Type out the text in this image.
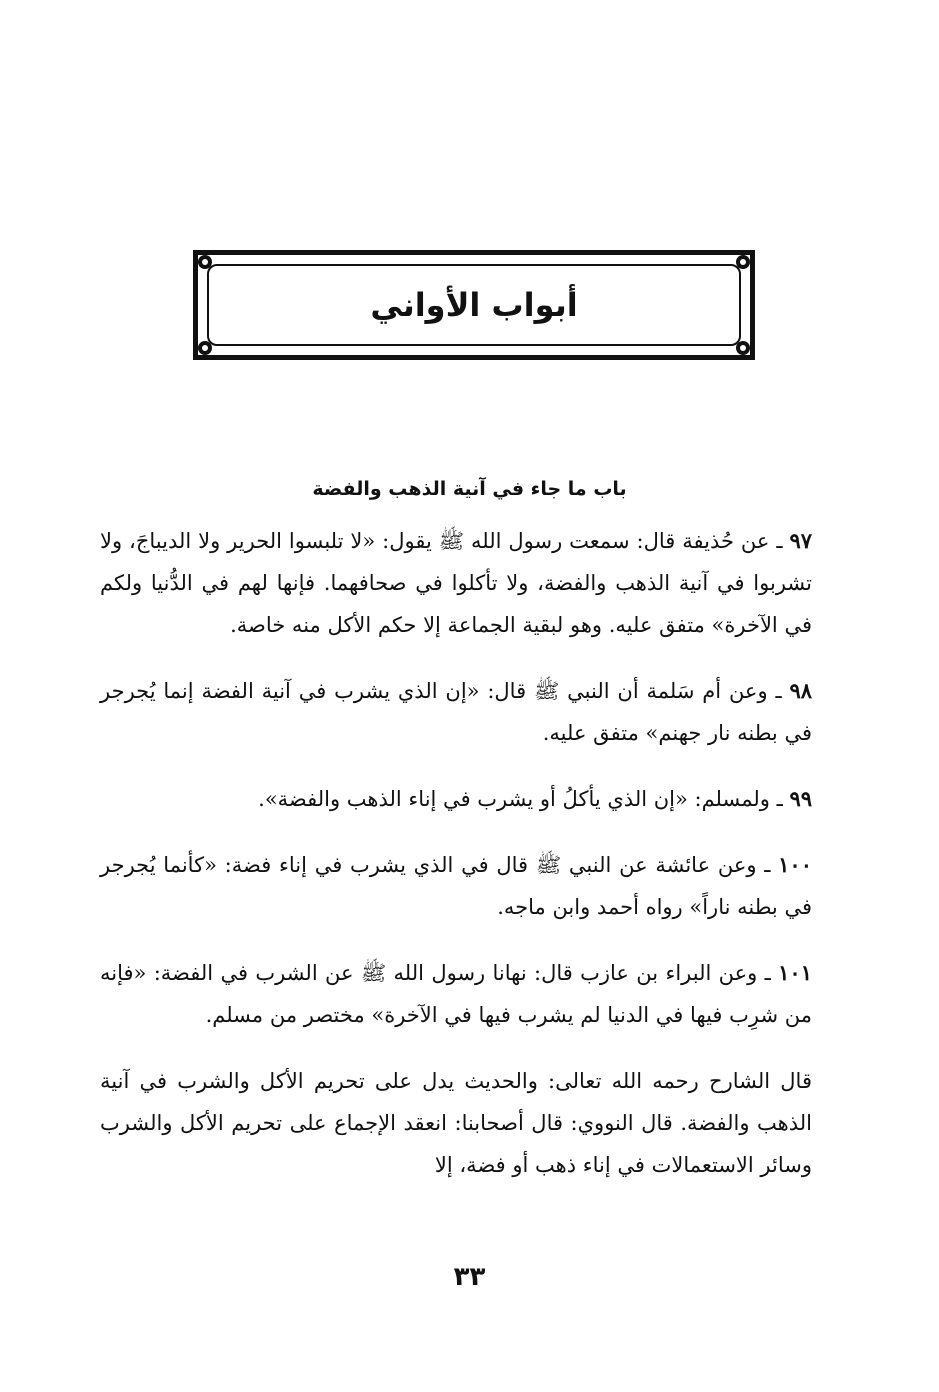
أبواب الأواني
باب ما جاء في آنية الذهب والفضة

٩٧ ـ عن حُذيفة قال: سمعت رسول الله ﷺ يقول: «لا تلبسوا الحرير ولا الديباجَ، ولا تشربوا في آنية الذهب والفضة، ولا تأكلوا في صحافهما. فإنها لهم في الدُّنيا ولكم في الآخرة» متفق عليه. وهو لبقية الجماعة إلا حكم الأكل منه خاصة.

٩٨ ـ وعن أم سَلمة أن النبي ﷺ قال: «إن الذي يشرب في آنية الفضة إنما يُجرجر في بطنه نار جهنم» متفق عليه.

٩٩ ـ ولمسلم: «إن الذي يأكلُ أو يشرب في إناء الذهب والفضة».

١٠٠ ـ وعن عائشة عن النبي ﷺ قال في الذي يشرب في إناء فضة: «كأنما يُجرجر في بطنه ناراً» رواه أحمد وابن ماجه.

١٠١ ـ وعن البراء بن عازب قال: نهانا رسول الله ﷺ عن الشرب في الفضة: «فإنه من شرِب فيها في الدنيا لم يشرب فيها في الآخرة» مختصر من مسلم.

قال الشارح رحمه الله تعالى: والحديث يدل على تحريم الأكل والشرب في آنية الذهب والفضة. قال النووي: قال أصحابنا: انعقد الإجماع على تحريم الأكل والشرب وسائر الاستعمالات في إناء ذهب أو فضة، إلا

٣٣
